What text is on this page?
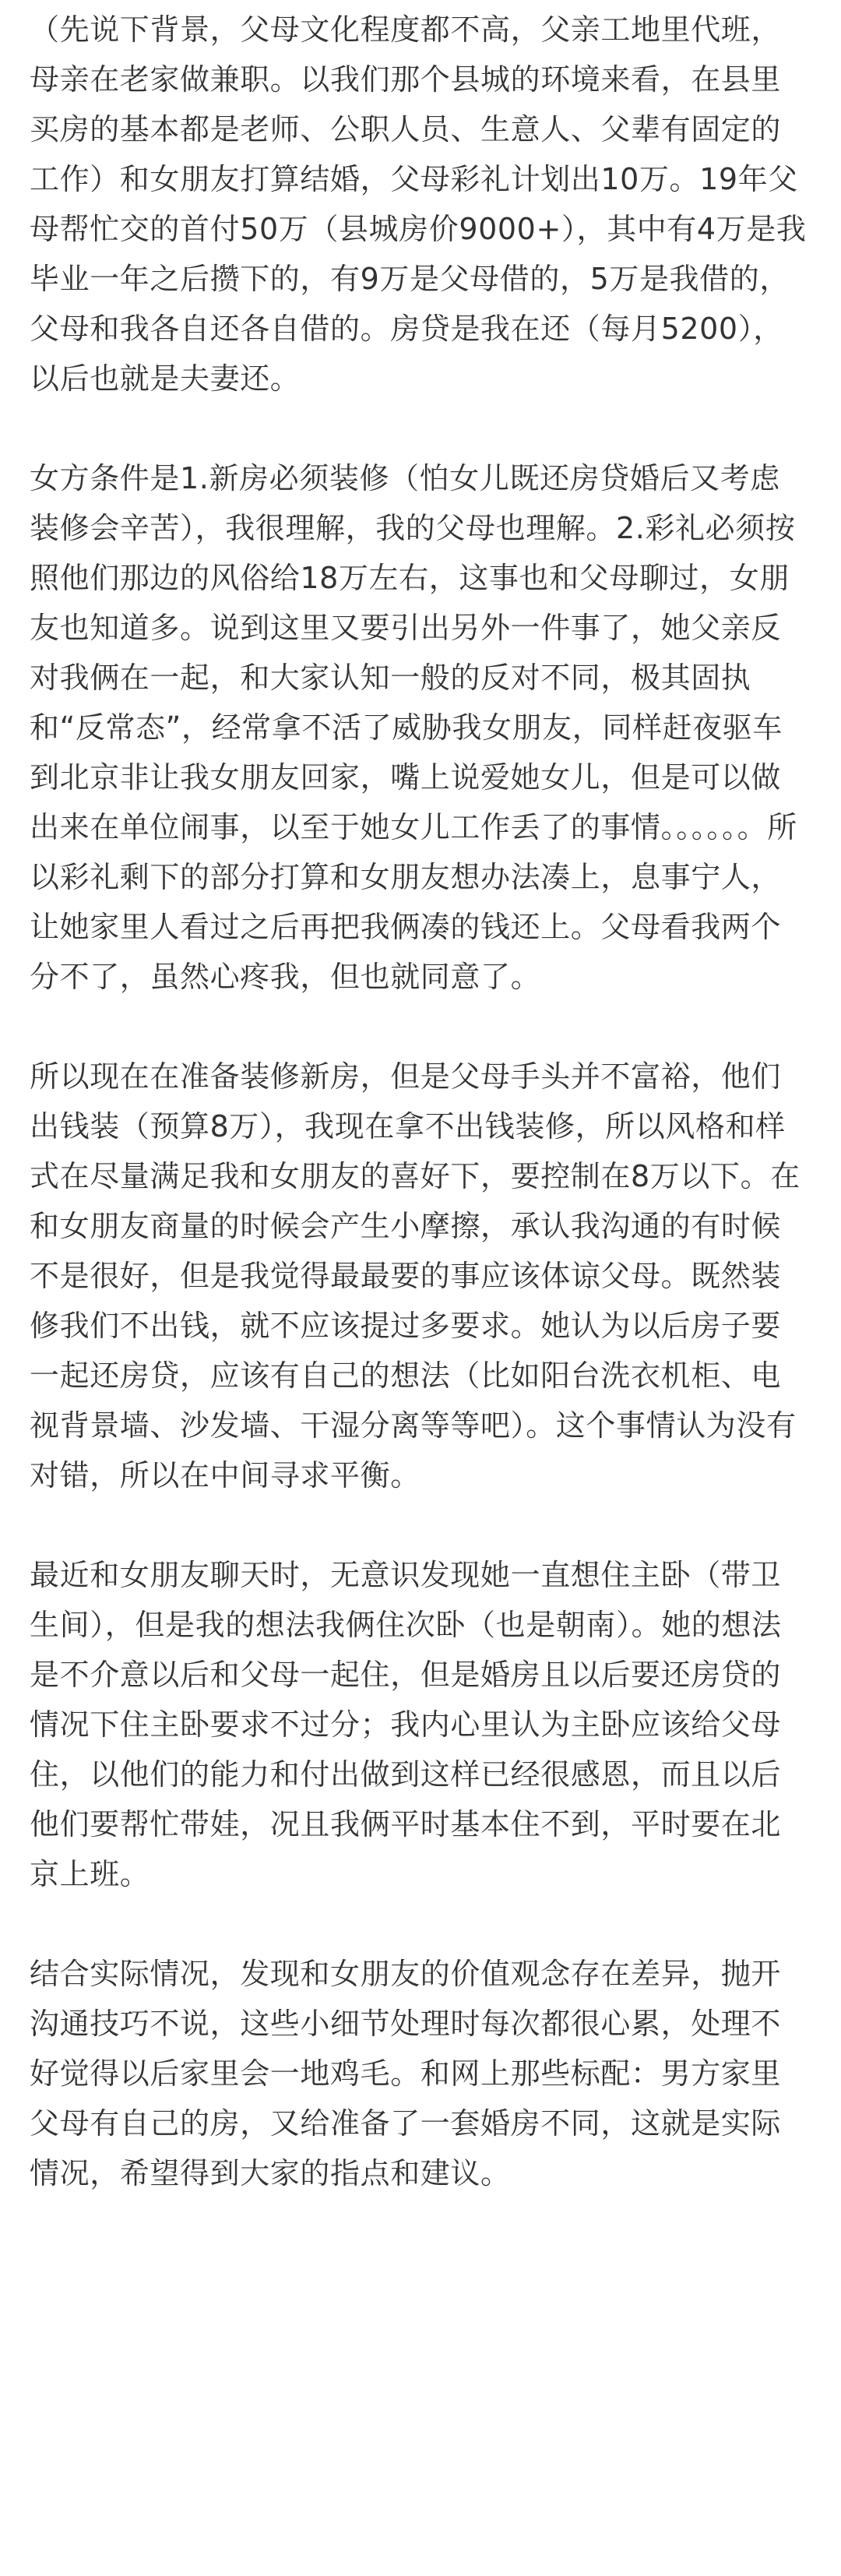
（先说下背景，父母文化程度都不高，父亲工地里代班，母亲在老家做兼职。以我们那个县城的环境来看，在县里买房的基本都是老师、公职人员、生意人、父辈有固定的工作）和女朋友打算结婚，父母彩礼计划出10万。19年父母帮忙交的首付50万（县城房价9000+），其中有4万是我毕业一年之后攒下的，有9万是父母借的，5万是我借的，父母和我各自还各自借的。房贷是我在还（每月5200），以后也就是夫妻还。

女方条件是1.新房必须装修（怕女儿既还房贷婚后又考虑装修会辛苦），我很理解，我的父母也理解。2.彩礼必须按照他们那边的风俗给18万左右，这事也和父母聊过，女朋友也知道多。说到这里又要引出另外一件事了，她父亲反对我俩在一起，和大家认知一般的反对不同，极其固执和“反常态”，经常拿不活了威胁我女朋友，同样赶夜驱车到北京非让我女朋友回家，嘴上说爱她女儿，但是可以做出来在单位闹事，以至于她女儿工作丢了的事情。。。。。。所以彩礼剩下的部分打算和女朋友想办法凑上，息事宁人，让她家里人看过之后再把我俩凑的钱还上。父母看我两个分不了，虽然心疼我，但也就同意了。

所以现在在准备装修新房，但是父母手头并不富裕，他们出钱装（预算8万），我现在拿不出钱装修，所以风格和样式在尽量满足我和女朋友的喜好下，要控制在8万以下。在和女朋友商量的时候会产生小摩擦，承认我沟通的有时候不是很好，但是我觉得最最要的事应该体谅父母。既然装修我们不出钱，就不应该提过多要求。她认为以后房子要一起还房贷，应该有自己的想法（比如阳台洗衣机柜、电视背景墙、沙发墙、干湿分离等等吧）。这个事情认为没有对错，所以在中间寻求平衡。

最近和女朋友聊天时，无意识发现她一直想住主卧（带卫生间），但是我的想法我俩住次卧（也是朝南）。她的想法是不介意以后和父母一起住，但是婚房且以后要还房贷的情况下住主卧要求不过分；我内心里认为主卧应该给父母住，以他们的能力和付出做到这样已经很感恩，而且以后他们要帮忙带娃，况且我俩平时基本住不到，平时要在北京上班。

结合实际情况，发现和女朋友的价值观念存在差异，抛开沟通技巧不说，这些小细节处理时每次都很心累，处理不好觉得以后家里会一地鸡毛。和网上那些标配：男方家里父母有自己的房，又给准备了一套婚房不同，这就是实际情况，希望得到大家的指点和建议。
